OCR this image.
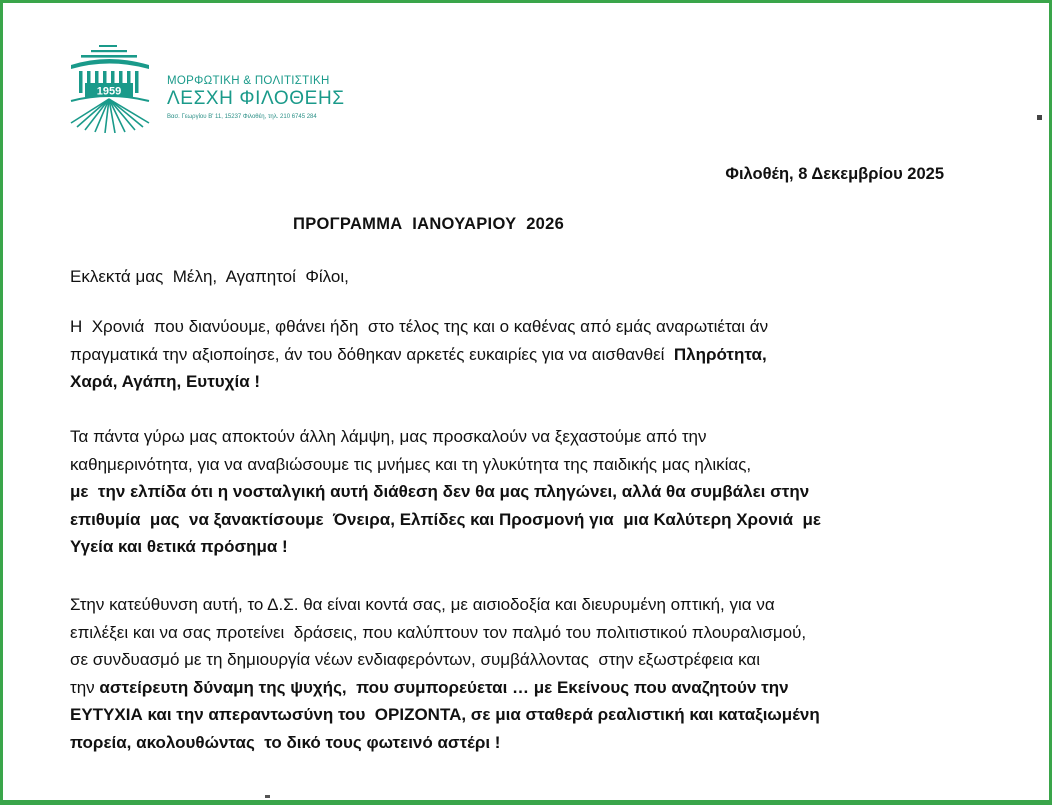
1959
ΜΟΡΦΩΤΙΚΗ & ΠΟΛΙΤΙΣΤΙΚΗ
ΛΕΣΧΗ ΦΙΛΟΘΕΗΣ
Βασ. Γεωργίου Β' 11, 15237 Φιλοθέη, τηλ. 210 6745 284
Φιλοθέη, 8 Δεκεμβρίου 2025
ΠΡΟΓΡΑΜΜΑ  ΙΑΝΟΥΑΡΙΟΥ  2026
Εκλεκτά μας  Μέλη,  Αγαπητοί  Φίλοι,
Η  Χρονιά  που διανύουμε, φθάνει ήδη  στο τέλος της και ο καθένας από εμάς αναρωτιέται άν
πραγματικά την αξιοποίησε, άν του δόθηκαν αρκετές ευκαιρίες για να αισθανθεί  Πληρότητα,
Χαρά, Αγάπη, Ευτυχία !
Τα πάντα γύρω μας αποκτούν άλλη λάμψη, μας προσκαλούν να ξεχαστούμε από την
καθημερινότητα, για να αναβιώσουμε τις μνήμες και τη γλυκύτητα της παιδικής μας ηλικίας,
με  την ελπίδα ότι η νοσταλγική αυτή διάθεση δεν θα μας πληγώνει, αλλά θα συμβάλει στην
επιθυμία  μας  να ξανακτίσουμε  Όνειρα, Ελπίδες και Προσμονή για  μια Καλύτερη Χρονιά  με
Υγεία και θετικά πρόσημα !
Στην κατεύθυνση αυτή, το Δ.Σ. θα είναι κοντά σας, με αισιοδοξία και διευρυμένη οπτική, για να
επιλέξει και να σας προτείνει  δράσεις, που καλύπτουν τον παλμό του πολιτιστικού πλουραλισμού,
σε συνδυασμό με τη δημιουργία νέων ενδιαφερόντων, συμβάλλοντας  στην εξωστρέφεια και
την αστείρευτη δύναμη της ψυχής,  που συμπορεύεται … με Εκείνους που αναζητούν την
ΕΥΤΥΧΙΑ και την απεραντωσύνη του  ΟΡΙΖΟΝΤΑ, σε μια σταθερά ρεαλιστική και καταξιωμένη
πορεία, ακολουθώντας  το δικό τους φωτεινό αστέρι !
